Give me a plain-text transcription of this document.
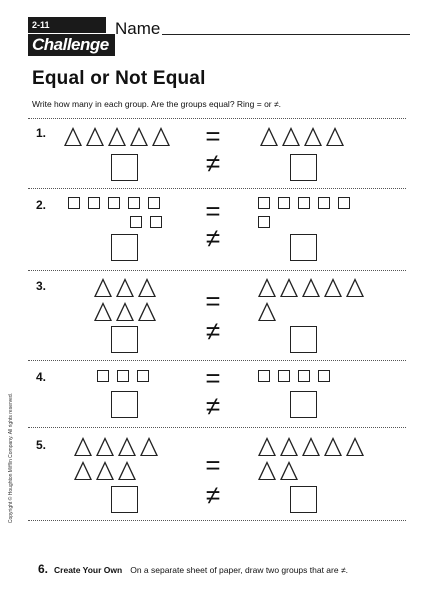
2-11
Challenge
Name
Equal or Not Equal
Write how many in each group. Are the groups equal? Ring = or ≠.
1.	=
≠
2.	=
≠
3.	=
≠
4.	=
≠
5.
=
≠
6. Create Your Own On a separate sheet of paper, draw two groups that are ≠.
Copyright © Houghton Mifflin Company. All rights reserved.
